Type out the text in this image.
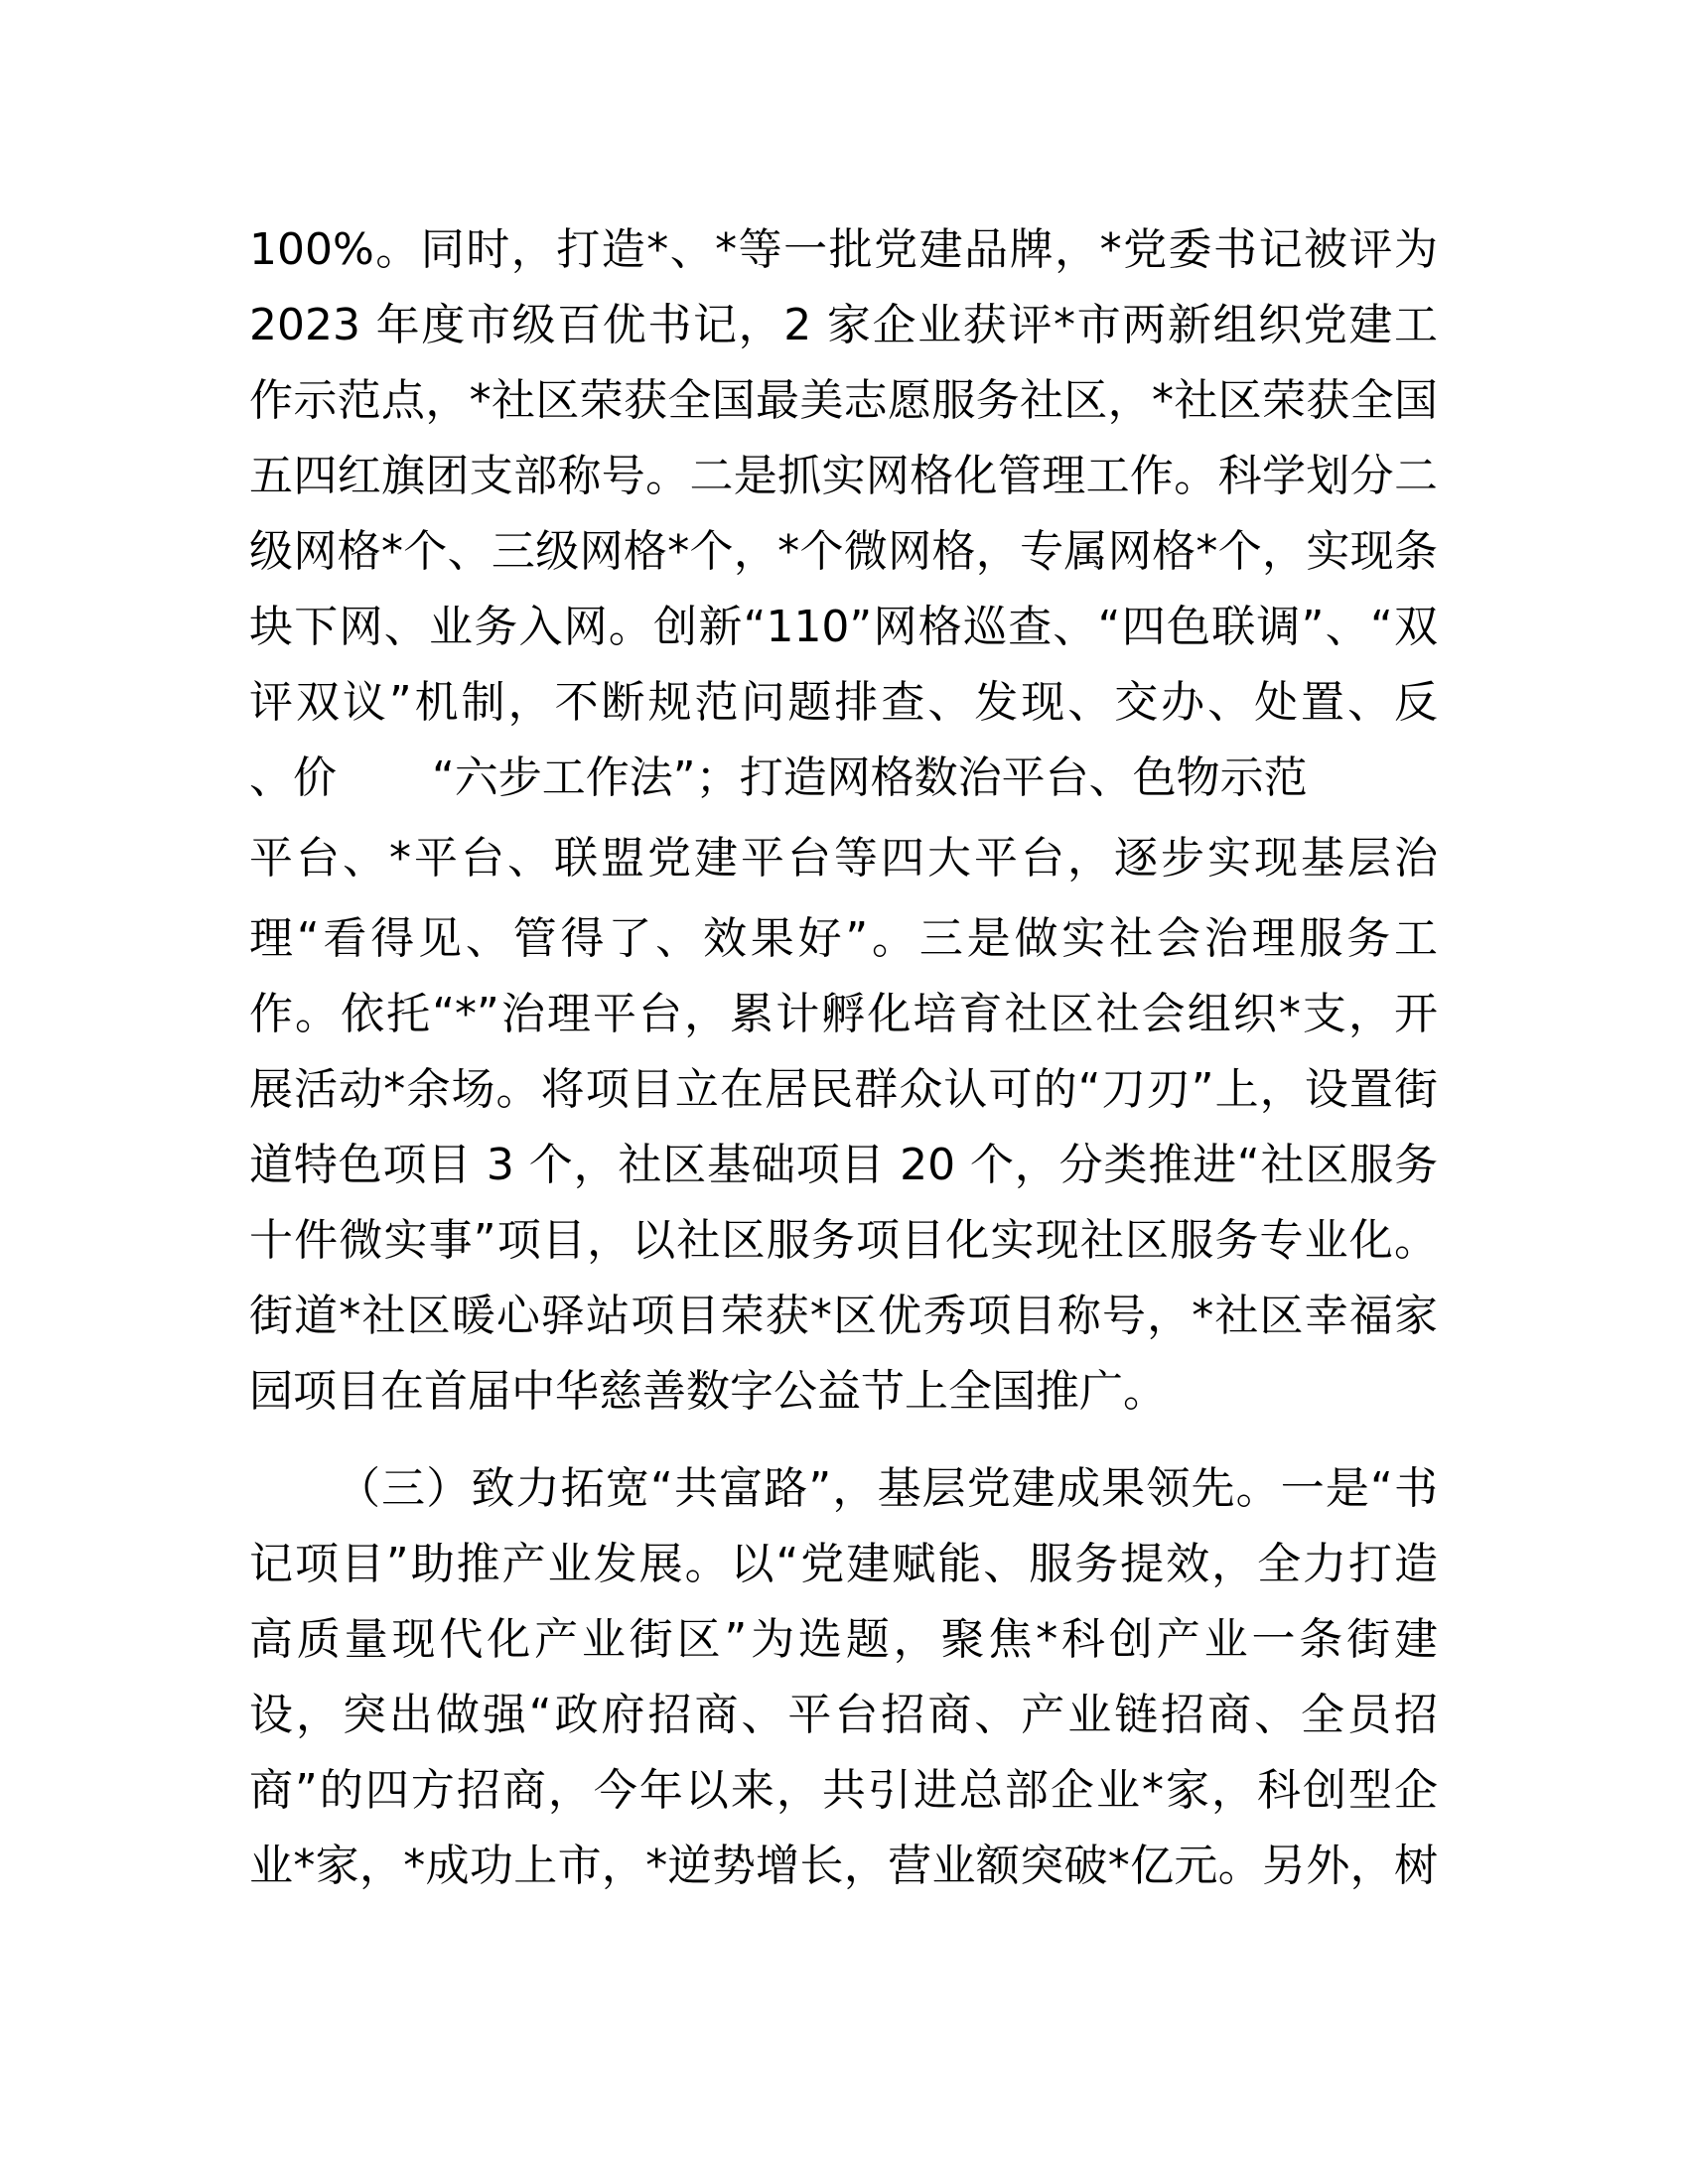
100%。同时，打造*、*等一批党建品牌，*党委书记被评为
2023 年度市级百优书记，2 家企业获评*市两新组织党建工
作示范点，*社区荣获全国最美志愿服务社区，*社区荣获全国
五四红旗团支部称号。二是抓实网格化管理工作。科学划分二
级网格*个、三级网格*个，*个微网格，专属网格*个，实现条
块下网、业务入网。创新“110”网格巡查、“四色联调”、“双
评双议”机制，不断规范问题排查、发现、交办、处置、反
、价 “六步工作法”；打造网格数治平台、色物示范
平台、*平台、联盟党建平台等四大平台，逐步实现基层治
理“看得见、管得了、效果好”。三是做实社会治理服务工
作。依托“*”治理平台，累计孵化培育社区社会组织*支，开
展活动*余场。将项目立在居民群众认可的“刀刃”上，设置街
道特色项目 3 个，社区基础项目 20 个，分类推进“社区服务
十件微实事”项目，以社区服务项目化实现社区服务专业化。
街道*社区暖心驿站项目荣获*区优秀项目称号，*社区幸福家
园项目在首届中华慈善数字公益节上全国推广。
（三）致力拓宽“共富路”，基层党建成果领先。一是“书
记项目”助推产业发展。以“党建赋能、服务提效，全力打造
高质量现代化产业街区”为选题，聚焦*科创产业一条街建
设，突出做强“政府招商、平台招商、产业链招商、全员招
商”的四方招商，今年以来，共引进总部企业*家，科创型企
业*家，*成功上市，*逆势增长，营业额突破*亿元。另外，树
